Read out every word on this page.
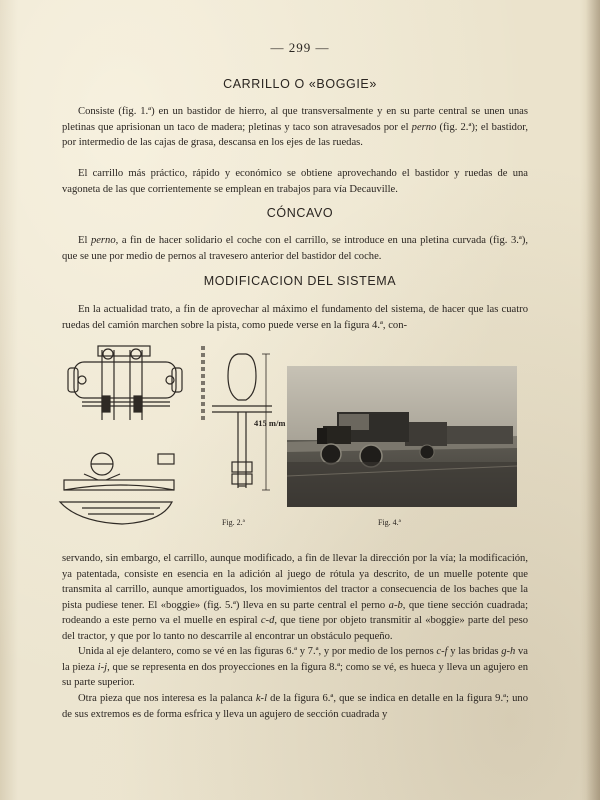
— 299 —
CARRILLO O «BOGGIE»

Consiste (fig. 1.ª) en un bastidor de hierro, al que transversalmente y en su parte central se unen unas pletinas que aprisionan un taco de madera; pletinas y taco son atravesados por el perno (fig. 2.ª); el bastidor, por intermedio de las cajas de grasa, descansa en los ejes de las ruedas.

El carrillo más práctico, rápido y económico se obtiene aprovechando el bastidor y ruedas de una vagoneta de las que corrientemente se emplean en trabajos para vía Decauville.

CÓNCAVO

El perno, a fin de hacer solidario el coche con el carrillo, se introduce en una pletina curvada (fig. 3.ª), que se une por medio de pernos al travesero anterior del bastidor del coche.

MODIFICACION DEL SISTEMA

En la actualidad trato, a fin de aprovechar al máximo el fundamento del sistema, de hacer que las cuatro ruedas del camión marchen sobre la pista, como puede verse en la figura 4.ª, con-

415 m/m
Fig. 2.ª	Fig. 4.ª

servando, sin embargo, el carrillo, aunque modificado, a fin de llevar la dirección por la vía; la modificación, ya patentada, consiste en esencia en la adición al juego de rótula ya descrito, de un muelle potente que transmita al carrillo, aunque amortiguados, los movimientos del tractor a consecuencia de los baches que la pista pudiese tener. El «boggie» (fig. 5.ª) lleva en su parte central el perno a-b, que tiene sección cuadrada; rodeando a este perno va el muelle en espiral c-d, que tiene por objeto transmitir al «boggie» parte del peso del tractor, y que por lo tanto no descarrile al encontrar un obstáculo pequeño.

Unida al eje delantero, como se vé en las figuras 6.ª y 7.ª, y por medio de los pernos c-f y las bridas g-h va la pieza i-j, que se representa en dos proyecciones en la figura 8.ª; como se vé, es hueca y lleva un agujero en su parte superior.

Otra pieza que nos interesa es la palanca k-l de la figura 6.ª, que se indica en detalle en la figura 9.ª; uno de sus extremos es de forma esfrica y lleva un agujero de sección cuadrada y
